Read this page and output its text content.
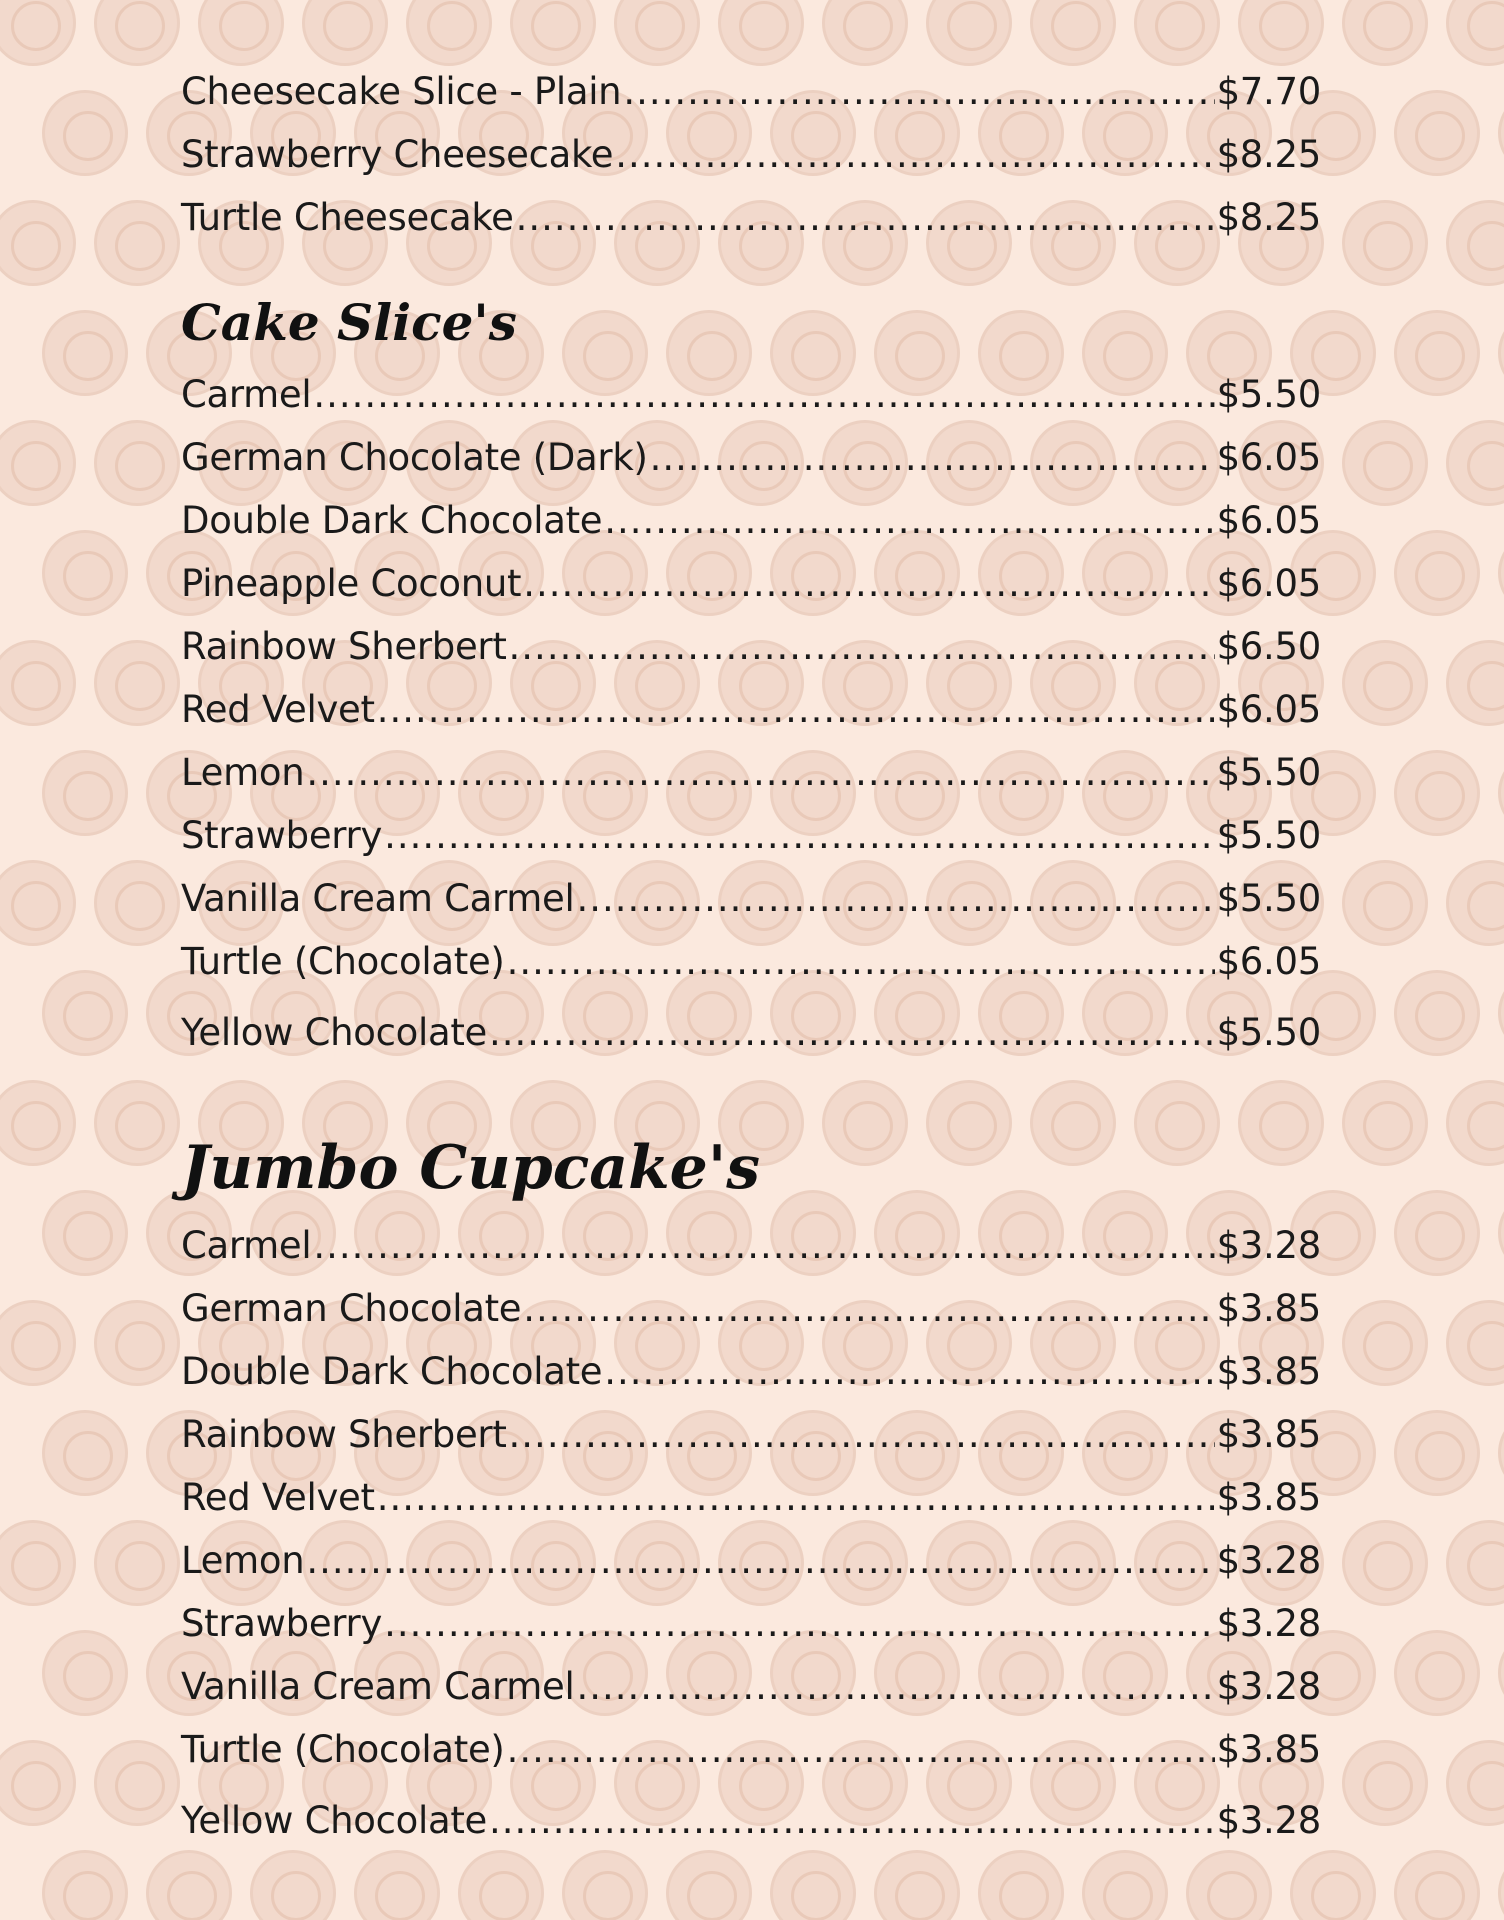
Cheesecake Slice - Plain .....	$7.70
Strawberry Cheesecake .....	$8.25
Turtle Cheesecake .....	$8.25
Cake Slice's
Carmel .....	$5.50
German Chocolate (Dark) .....	$6.05
Double Dark Chocolate .....	$6.05
Pineapple Coconut .....	$6.05
Rainbow Sherbert .....	$6.50
Red Velvet .....	$6.05
Lemon .....	$5.50
Strawberry .....	$5.50
Vanilla Cream Carmel .....	$5.50
Turtle (Chocolate) .....	$6.05
Yellow Chocolate .....	$5.50
Jumbo Cupcake's
Carmel .....	$3.28
German Chocolate .....	$3.85
Double Dark Chocolate .....	$3.85
Rainbow Sherbert .....	$3.85
Red Velvet .....	$3.85
Lemon .....	$3.28
Strawberry .....	$3.28
Vanilla Cream Carmel .....	$3.28
Turtle (Chocolate) .....	$3.85
Yellow Chocolate .....	$3.28
